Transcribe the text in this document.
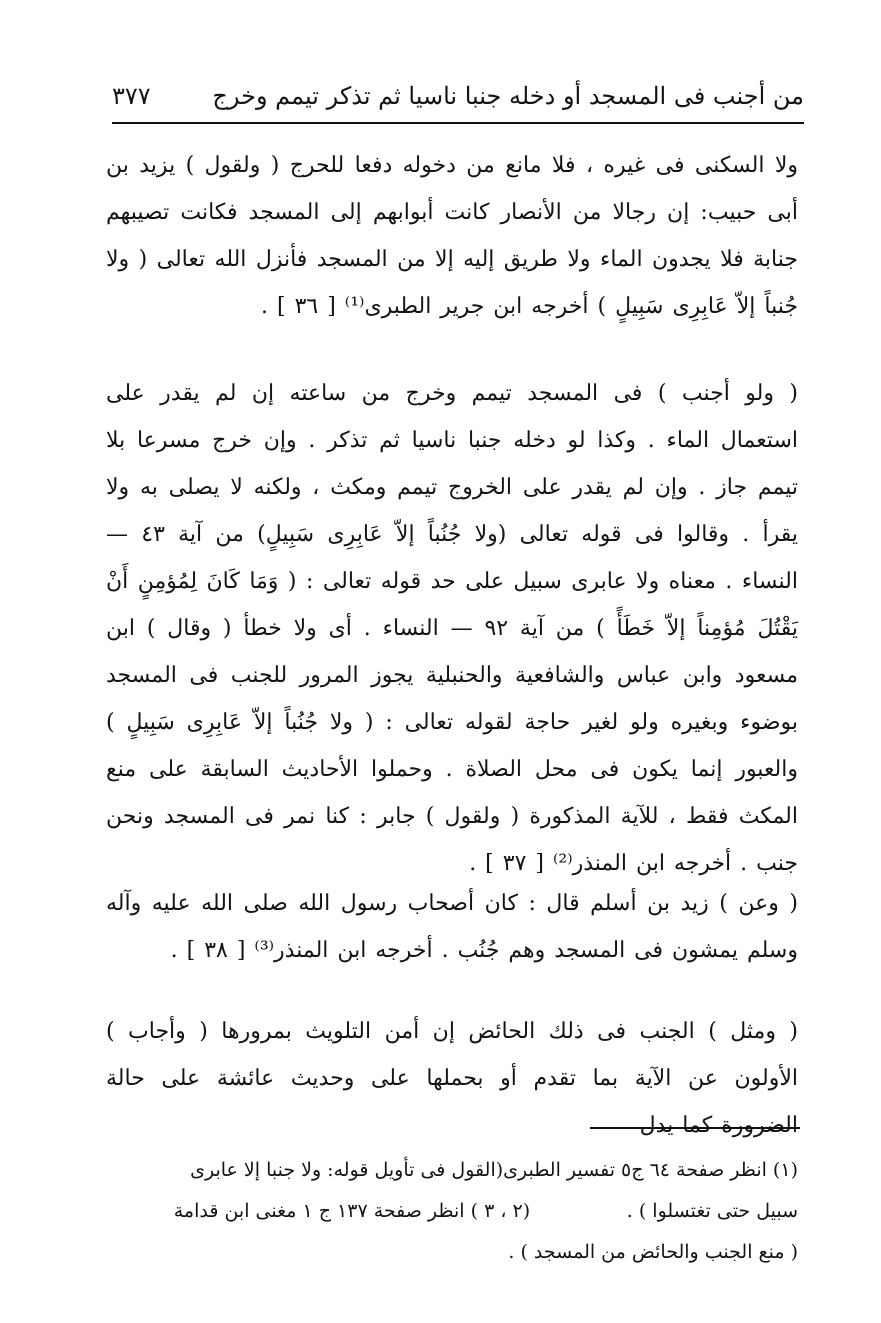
من أجنب فى المسجد أو دخله جنبا ناسيا ثم تذكر تيمم وخرج
٣٧٧

ولا السكنى فى غيره ، فلا مانع من دخوله دفعا للحرج ( ولقول ) يزيد بن أبى حبيب: إن رجالا من الأنصار كانت أبوابهم إلى المسجد فكانت تصيبهم جنابة فلا يجدون الماء ولا طريق إليه إلا من المسجد فأنزل الله تعالى ( ولا جُنباً إلاّ عَابِرِى سَبِيلٍ ) أخرجه ابن جرير الطبرى⁽¹⁾ [ ٣٦ ] .

( ولو أجنب ) فى المسجد تيمم وخرج من ساعته إن لم يقدر على استعمال الماء . وكذا لو دخله جنبا ناسيا ثم تذكر . وإن خرج مسرعا بلا تيمم جاز . وإن لم يقدر على الخروج تيمم ومكث ، ولكنه لا يصلى به ولا يقرأ . وقالوا فى قوله تعالى (ولا جُنُباً إلاّ عَابِرِى سَبِيلٍ) من آية ٤٣ — النساء . معناه ولا عابرى سبيل على حد قوله تعالى : ( وَمَا كَانَ لِمُؤمِنٍ أَنْ يَقْتُلَ مُؤمِناً إلاّ خَطَأً ) من آية ٩٢ — النساء . أى ولا خطأ ( وقال ) ابن مسعود وابن عباس والشافعية والحنبلية يجوز المرور للجنب فى المسجد بوضوء وبغيره ولو لغير حاجة لقوله تعالى : ( ولا جُنُباً إلاّ عَابِرِى سَبِيلٍ ) والعبور إنما يكون فى محل الصلاة . وحملوا الأحاديث السابقة على منع المكث فقط ، للآية المذكورة ( ولقول ) جابر : كنا نمر فى المسجد ونحن جنب . أخرجه ابن المنذر⁽²⁾ [ ٣٧ ] .

( وعن ) زيد بن أسلم قال : كان أصحاب رسول الله صلى الله عليه وآله وسلم يمشون فى المسجد وهم جُنُب . أخرجه ابن المنذر⁽³⁾ [ ٣٨ ] .

( ومثل ) الجنب فى ذلك الحائض إن أمن التلويث بمرورها ( وأجاب ) الأولون عن الآية بما تقدم أو بحملها على وحديث عائشة على حالة الضرورة كما يدل

(١) انظر صفحة ٦٤ ج٥ تفسير الطبرى(القول فى تأويل قوله: ولا جنبا إلا عابرى
سبيل حتى تغتسلوا ) .                (٢ ، ٣ ) انظر صفحة ١٣٧ ج ١ مغنى ابن قدامة
( منع الجنب والحائض من المسجد ) .
